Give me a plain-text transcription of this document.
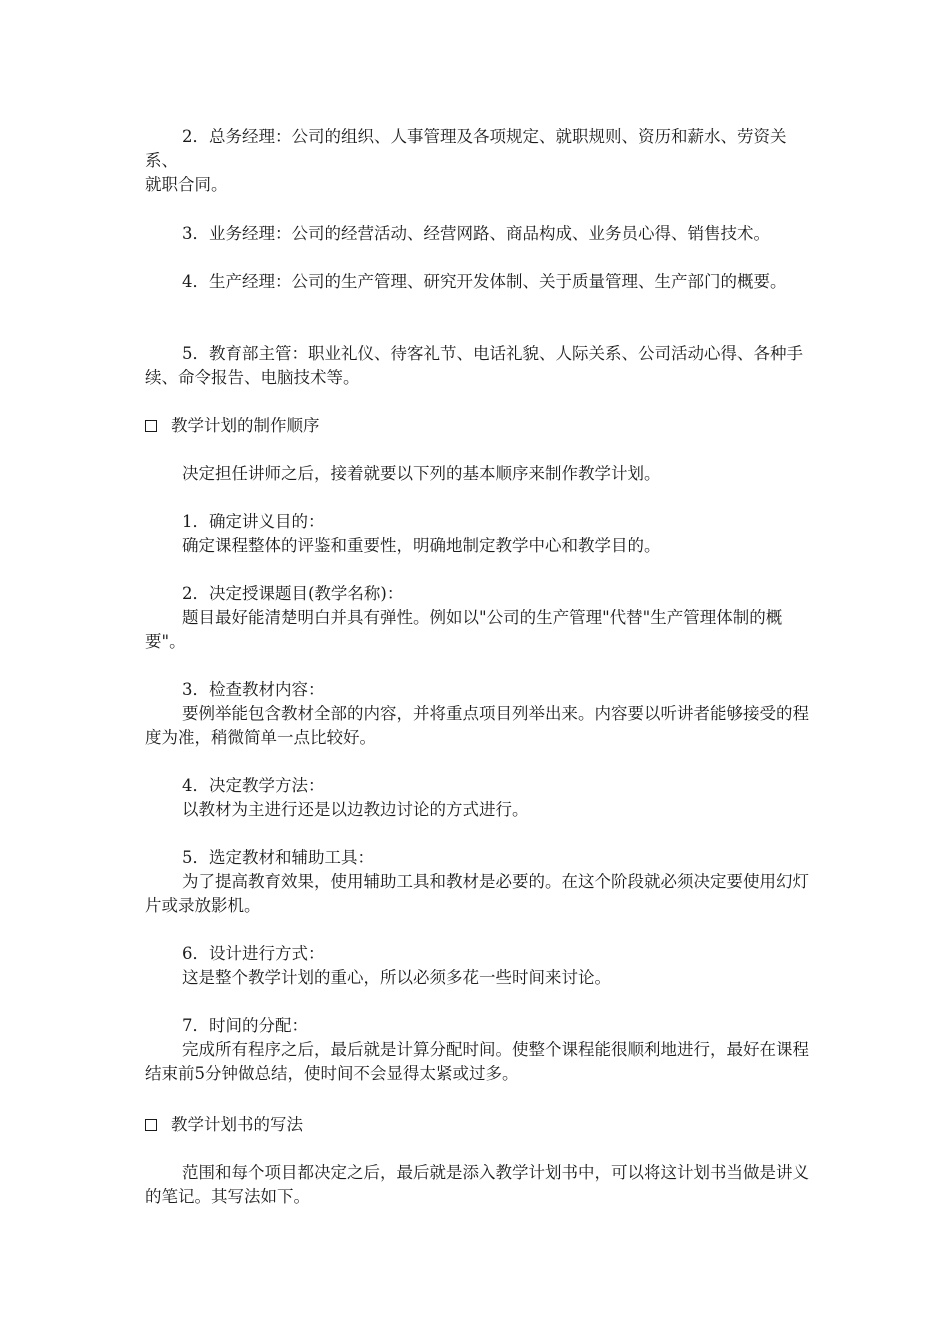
2．总务经理：公司的组织、人事管理及各项规定、就职规则、资历和薪水、劳资关系、

就职合同。

3．业务经理：公司的经营活动、经营网路、商品构成、业务员心得、销售技术。

4．生产经理：公司的生产管理、研究开发体制、关于质量管理、生产部门的概要。

5．教育部主管：职业礼仪、待客礼节、电话礼貌、人际关系、公司活动心得、各种手续、命令报告、电脑技术等。

教学计划的制作顺序

决定担任讲师之后，接着就要以下列的基本顺序来制作教学计划。

1．确定讲义目的：

确定课程整体的评鉴和重要性，明确地制定教学中心和教学目的。

2．决定授课题目(教学名称)：

题目最好能清楚明白并具有弹性。例如以"公司的生产管理"代替"生产管理体制的概要"。

3．检查教材内容：

要例举能包含教材全部的内容，并将重点项目列举出来。内容要以听讲者能够接受的程度为准，稍微简单一点比较好。

4．决定教学方法：

以教材为主进行还是以边教边讨论的方式进行。

5．选定教材和辅助工具：

为了提高教育效果，使用辅助工具和教材是必要的。在这个阶段就必须决定要使用幻灯片或录放影机。

6．设计进行方式：

这是整个教学计划的重心，所以必须多花一些时间来讨论。

7．时间的分配：

完成所有程序之后，最后就是计算分配时间。使整个课程能很顺利地进行，最好在课程结束前5分钟做总结，使时间不会显得太紧或过多。

教学计划书的写法

范围和每个项目都决定之后，最后就是添入教学计划书中，可以将这计划书当做是讲义的笔记。其写法如下。
